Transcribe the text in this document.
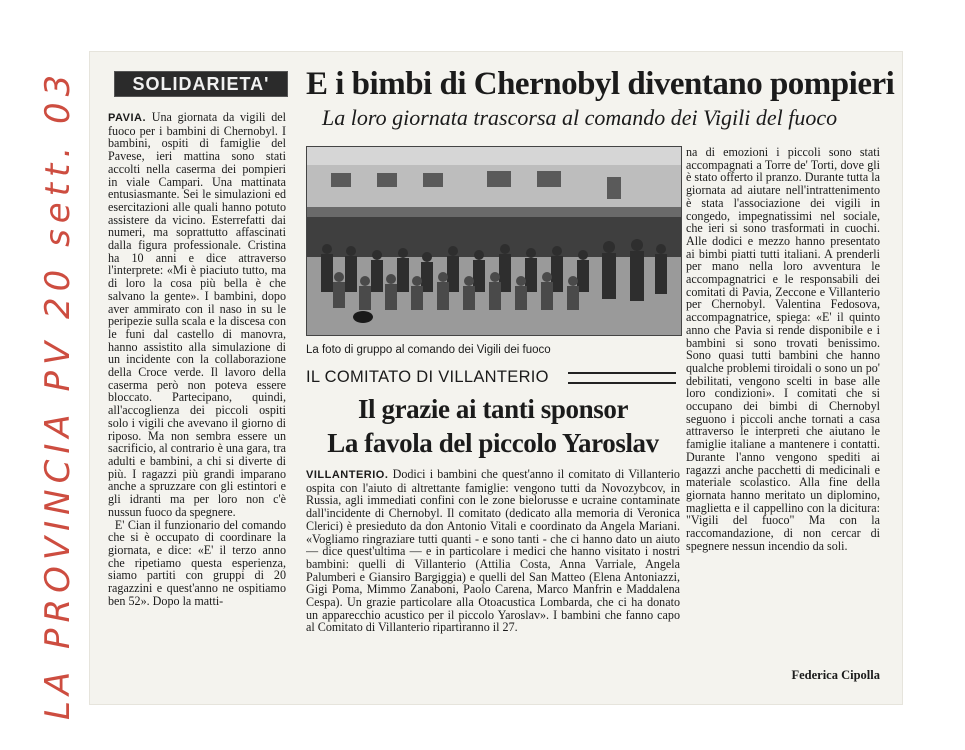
LA PROVINCIA PV 20 sett. 03	SOLIDARIETA'	E i bimbi di Chernobyl diventano pompieri
La loro giornata trascorsa al comando dei Vigili del fuoco

PAVIA. Una giornata da vigili del fuoco per i bambini di Chernobyl. I bambini, ospiti di famiglie del Pavese, ieri mattina sono stati accolti nella caserma dei pompieri in viale Campari. Una mattinata entusiasmante. Sei le simulazioni ed esercitazioni alle quali hanno potuto assistere da vicino. Esterrefatti dai numeri, ma soprattutto affascinati dalla figura professionale. Cristina ha 10 anni e dice attraverso l'interprete: «Mi è piaciuto tutto, ma di loro la cosa più bella è che salvano la gente». I bambini, dopo aver ammirato con il naso in su le peripezie sulla scala e la discesa con le funi dal castello di manovra, hanno assistito alla simulazione di un incidente con la collaborazione della Croce verde. Il lavoro della caserma però non poteva essere bloccato. Partecipano, quindi, all'accoglienza dei piccoli ospiti solo i vigili che avevano il giorno di riposo. Ma non sembra essere un sacrificio, al contrario è una gara, tra adulti e bambini, a chi si diverte di più. I ragazzi più grandi imparano anche a spruzzare con gli estintori e gli idranti ma per loro non c'è nussun fuoco da spegnere.
E' Cian il funzionario del comando che si è occupato di coordinare la giornata, e dice: «E' il terzo anno che ripetiamo questa esperienza, siamo partiti con gruppi di 20 ragazzini e quest'anno ne ospitiamo ben 52». Dopo la matti-

La foto di gruppo al comando dei Vigili dei fuoco
IL COMITATO DI VILLANTERIO
Il grazie ai tanti sponsor
La favola del piccolo Yaroslav

VILLANTERIO. Dodici i bambini che quest'anno il comitato di Villanterio ospita con l'aiuto di altrettante famiglie: vengono tutti da Novozybcov, in Russia, agli immediati confini con le zone bielorusse e ucraine contaminate dall'incidente di Chernobyl. Il comitato (dedicato alla memoria di Veronica Clerici) è presieduto da don Antonio Vitali e coordinato da Angela Mariani. «Vogliamo ringraziare tutti quanti - e sono tanti - che ci hanno dato un aiuto — dice quest'ultima — e in particolare i medici che hanno visitato i nostri bambini: quelli di Villanterio (Attilia Costa, Anna Varriale, Angela Palumberi e Giansiro Bargiggia) e quelli del San Matteo (Elena Antoniazzi, Gigi Poma, Mimmo Zanaboni, Paolo Carena, Marco Manfrin e Maddalena Cespa). Un grazie particolare alla Otoacustica Lombarda, che ci ha donato un apparecchio acustico per il piccolo Yaroslav». I bambini che fanno capo al Comitato di Villanterio ripartiranno il 27.

na di emozioni i piccoli sono stati accompagnati a Torre de' Torti, dove gli è stato offerto il pranzo. Durante tutta la giornata ad aiutare nell'intrattenimento è stata l'associazione dei vigili in congedo, impegnatissimi nel sociale, che ieri si sono trasformati in cuochi. Alle dodici e mezzo hanno presentato ai bimbi piatti tutti italiani. A prenderli per mano nella loro avventura le accompagnatrici e le responsabili dei comitati di Pavia, Zeccone e Villanterio per Chernobyl. Valentina Fedosova, accompagnatrice, spiega: «E' il quinto anno che Pavia si rende disponibile e i bambini si sono trovati benissimo. Sono quasi tutti bambini che hanno qualche problemi tiroidali o sono un po' debilitati, vengono scelti in base alle loro condizioni». I comitati che si occupano dei bimbi di Chernobyl seguono i piccoli anche tornati a casa attraverso le interpreti che aiutano le famiglie italiane a mantenere i contatti. Durante l'anno vengono spediti ai ragazzi anche pacchetti di medicinali e materiale scolastico. Alla fine della giornata hanno meritato un diplomino, maglietta e il cappellino con la dicitura: "Vigili del fuoco" Ma con la raccomandazione, di non cercar di spegnere nessun incendio da soli.

Federica Cipolla
